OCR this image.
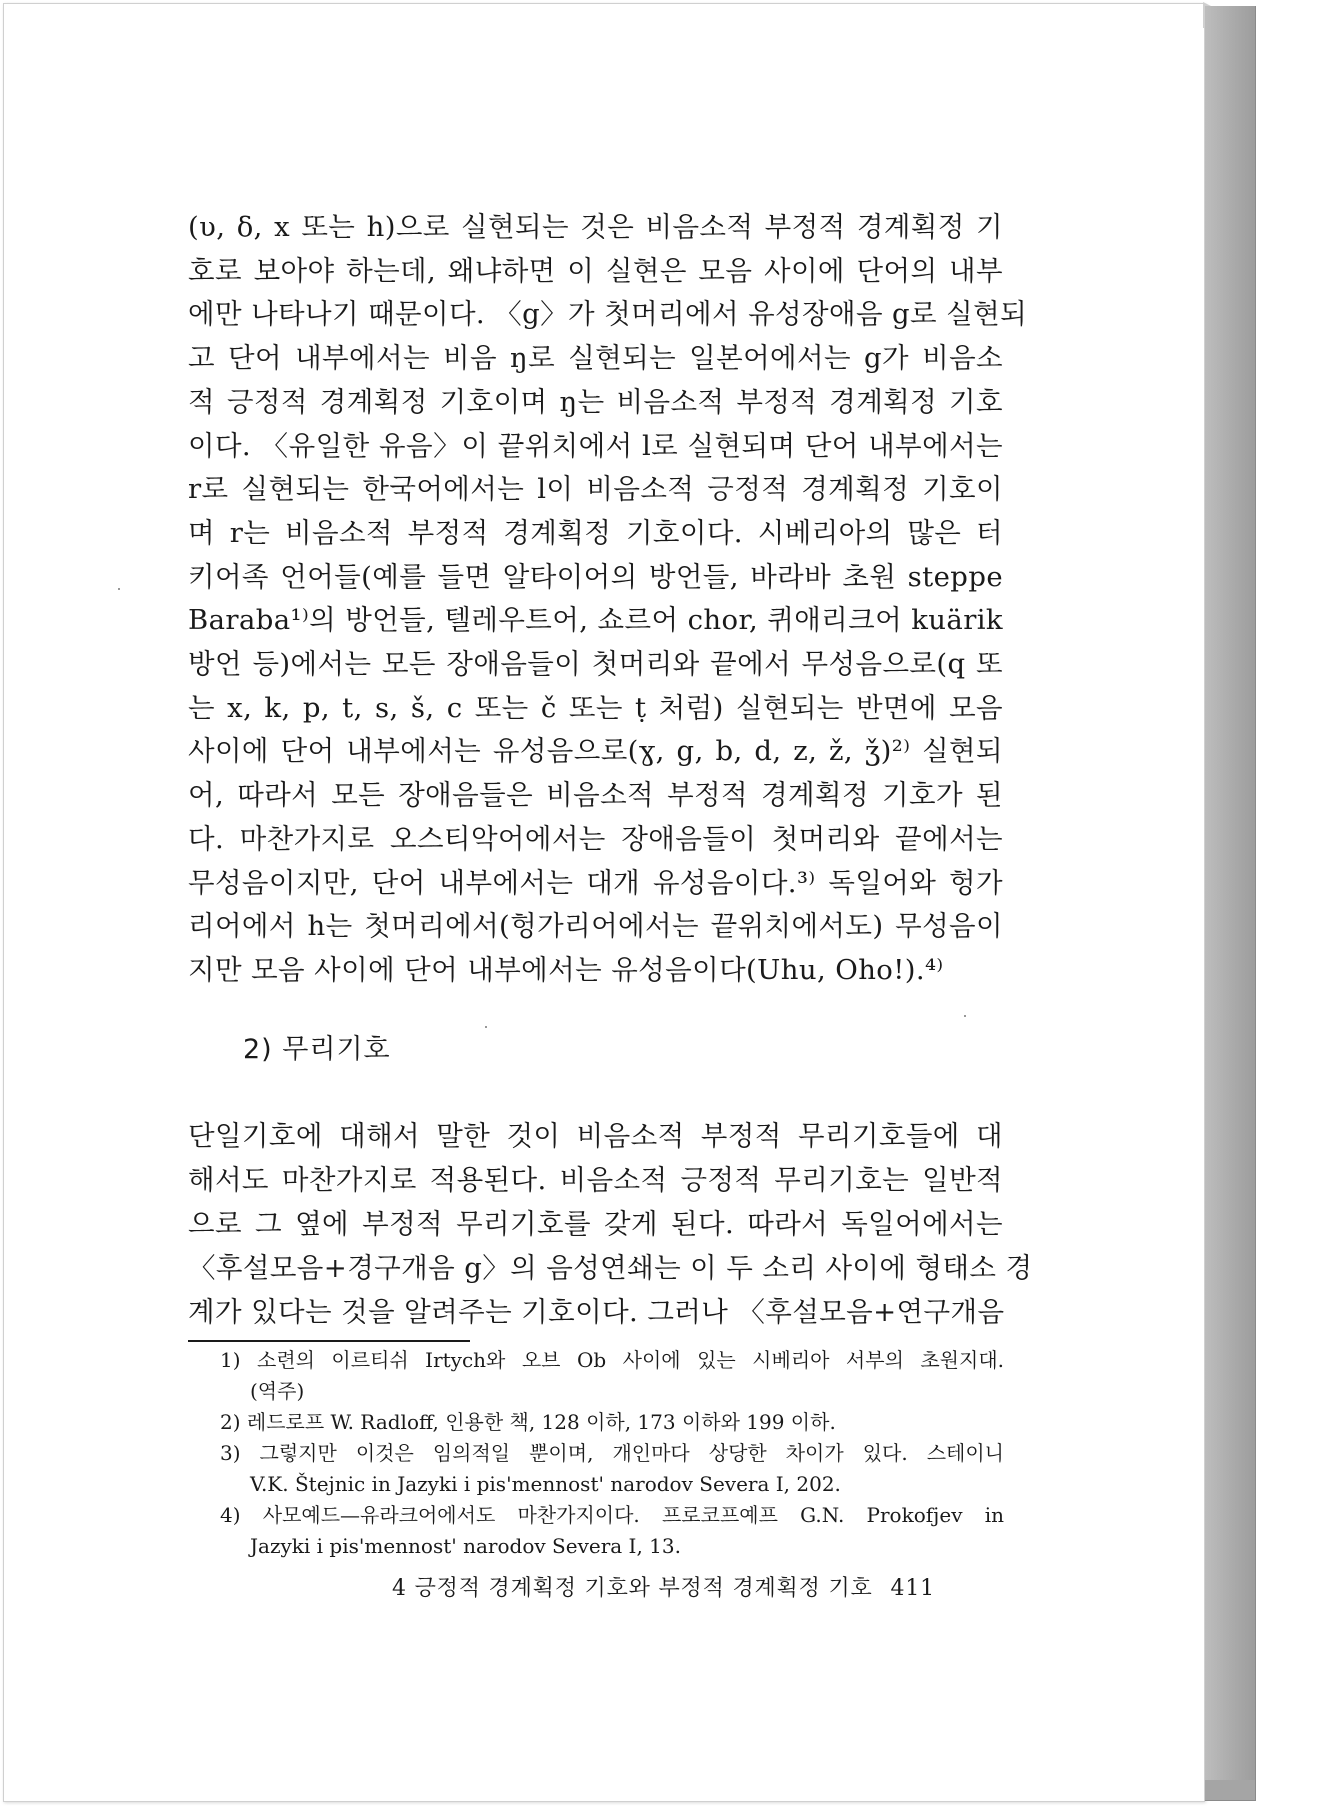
(υ, δ, x 또는 h)으로 실현되는 것은 비음소적 부정적 경계획정 기
호로 보아야 하는데, 왜냐하면 이 실현은 모음 사이에 단어의 내부
에만 나타나기 때문이다. 〈g〉가 첫머리에서 유성장애음 g로 실현되
고 단어 내부에서는 비음 ŋ로 실현되는 일본어에서는 g가 비음소
적 긍정적 경계획정 기호이며 ŋ는 비음소적 부정적 경계획정 기호
이다. 〈유일한 유음〉이 끝위치에서 l로 실현되며 단어 내부에서는
r로 실현되는 한국어에서는 l이 비음소적 긍정적 경계획정 기호이
며 r는 비음소적 부정적 경계획정 기호이다. 시베리아의 많은 터
키어족 언어들(예를 들면 알타이어의 방언들, 바라바 초원 steppe
Baraba¹⁾의 방언들, 텔레우트어, 쇼르어 chor, 퀴애리크어 kuärik
방언 등)에서는 모든 장애음들이 첫머리와 끝에서 무성음으로(q 또
는 x, k, p, t, s, š, c 또는 č 또는 ṭ 처럼) 실현되는 반면에 모음
사이에 단어 내부에서는 유성음으로(ɣ, g, b, d, z, ž, ǯ)²⁾ 실현되
어, 따라서 모든 장애음들은 비음소적 부정적 경계획정 기호가 된
다. 마찬가지로 오스티악어에서는 장애음들이 첫머리와 끝에서는
무성음이지만, 단어 내부에서는 대개 유성음이다.³⁾ 독일어와 헝가
리어에서 h는 첫머리에서(헝가리어에서는 끝위치에서도) 무성음이
지만 모음 사이에 단어 내부에서는 유성음이다(Uhu, Oho!).⁴⁾
2) 무리기호
단일기호에 대해서 말한 것이 비음소적 부정적 무리기호들에 대
해서도 마찬가지로 적용된다. 비음소적 긍정적 무리기호는 일반적
으로 그 옆에 부정적 무리기호를 갖게 된다. 따라서 독일어에서는
〈후설모음+경구개음 g〉의 음성연쇄는 이 두 소리 사이에 형태소 경
계가 있다는 것을 알려주는 기호이다. 그러나 〈후설모음+연구개음
1) 소련의 이르티쉬 Irtych와 오브 Ob 사이에 있는 시베리아 서부의 초원지대.
(역주)
2) 레드로프 W. Radloff, 인용한 책, 128 이하, 173 이하와 199 이하.
3) 그렇지만 이것은 임의적일 뿐이며, 개인마다 상당한 차이가 있다. 스테이니
V.K. Štejnic in Jazyki i pis'mennost' narodov Severa Ⅰ, 202.
4) 사모예드—유라크어에서도 마찬가지이다. 프로코프예프 G.N. Prokofjev in
Jazyki i pis'mennost' narodov Severa Ⅰ, 13.
4 긍정적 경계획정 기호와 부정적 경계획정 기호 411
